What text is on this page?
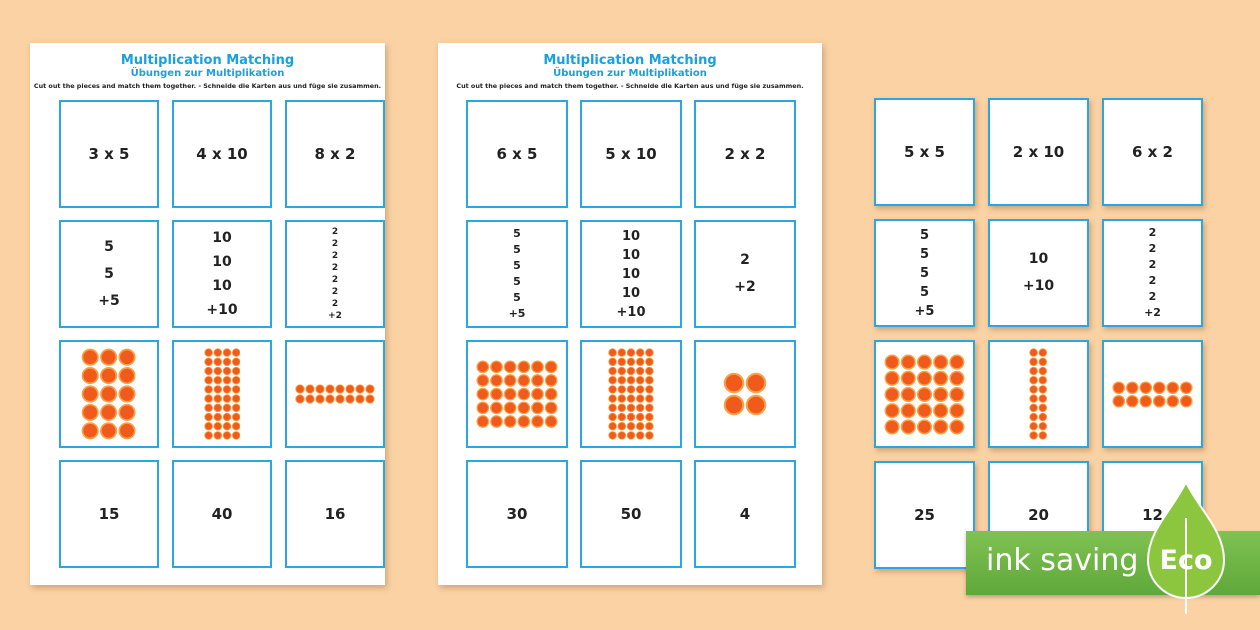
Multiplication Matching
Übungen zur Multiplikation
Cut out the pieces and match them together. - Schneide die Karten aus und füge sie zusammen.
3 x 5	4 x 10	8 x 2
5
5
+5
10
10
10
+10
2
2
2
2
2
2
2
+2
15	40	16
Multiplication Matching
Übungen zur Multiplikation
Cut out the pieces and match them together. - Schneide die Karten aus und füge sie zusammen.
6 x 5	5 x 10	2 x 2
5
5
5
5
5
+5
10
10
10
10
+10
2
+2
30	50	4
5 x 5	2 x 10	6 x 2
5
5
5
5
+5
10
+10
2
2
2
2
2
+2
25	20	12
ink saving Eco
